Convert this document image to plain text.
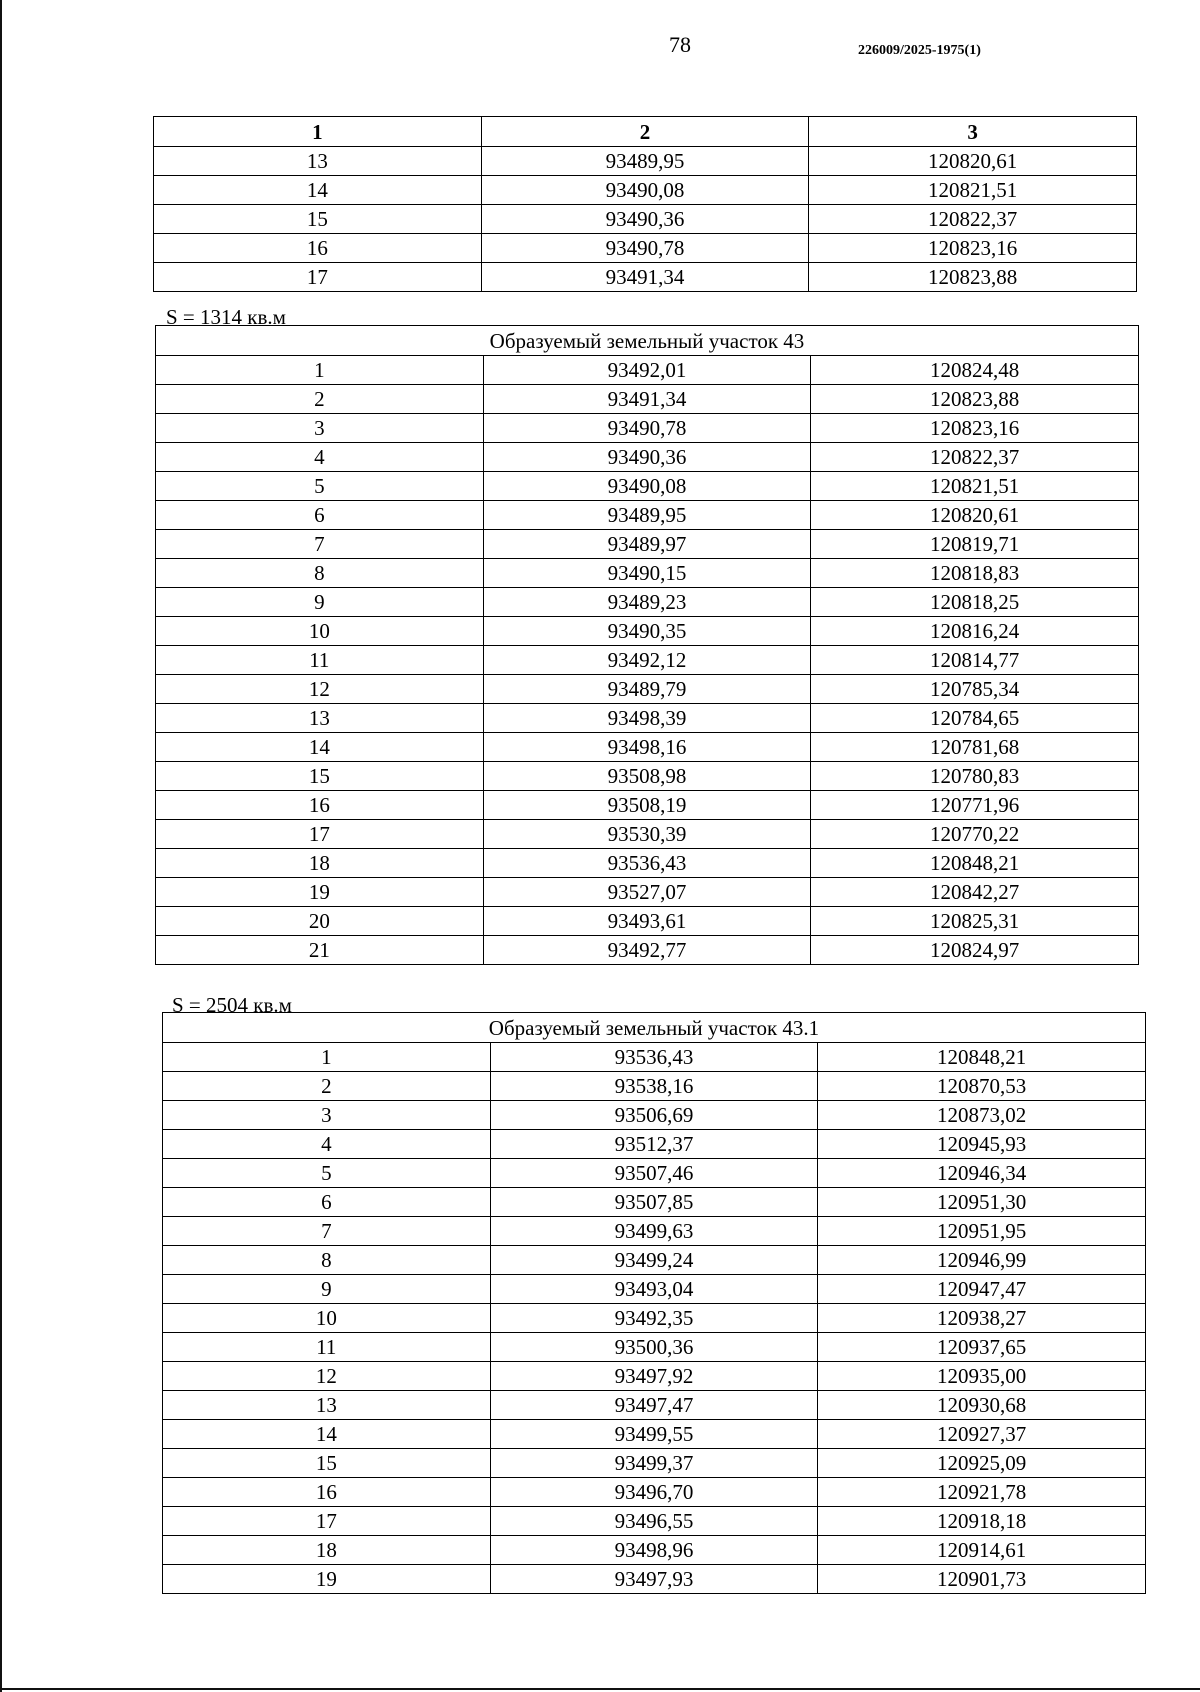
78	226009/2025-1975(1)
1	2	3
13	93489,95	120820,61
14	93490,08	120821,51
15	93490,36	120822,37
16	93490,78	120823,16
17	93491,34	120823,88
S = 1314 кв.м
Образуемый земельный участок 43		
1	93492,01	120824,48
2	93491,34	120823,88
3	93490,78	120823,16
4	93490,36	120822,37
5	93490,08	120821,51
6	93489,95	120820,61
7	93489,97	120819,71
8	93490,15	120818,83
9	93489,23	120818,25
10	93490,35	120816,24
11	93492,12	120814,77
12	93489,79	120785,34
13	93498,39	120784,65
14	93498,16	120781,68
15	93508,98	120780,83
16	93508,19	120771,96
17	93530,39	120770,22
18	93536,43	120848,21
19	93527,07	120842,27
20	93493,61	120825,31
21	93492,77	120824,97
S = 2504 кв.м
Образуемый земельный участок 43.1		
1	93536,43	120848,21
2	93538,16	120870,53
3	93506,69	120873,02
4	93512,37	120945,93
5	93507,46	120946,34
6	93507,85	120951,30
7	93499,63	120951,95
8	93499,24	120946,99
9	93493,04	120947,47
10	93492,35	120938,27
11	93500,36	120937,65
12	93497,92	120935,00
13	93497,47	120930,68
14	93499,55	120927,37
15	93499,37	120925,09
16	93496,70	120921,78
17	93496,55	120918,18
18	93498,96	120914,61
19	93497,93	120901,73
